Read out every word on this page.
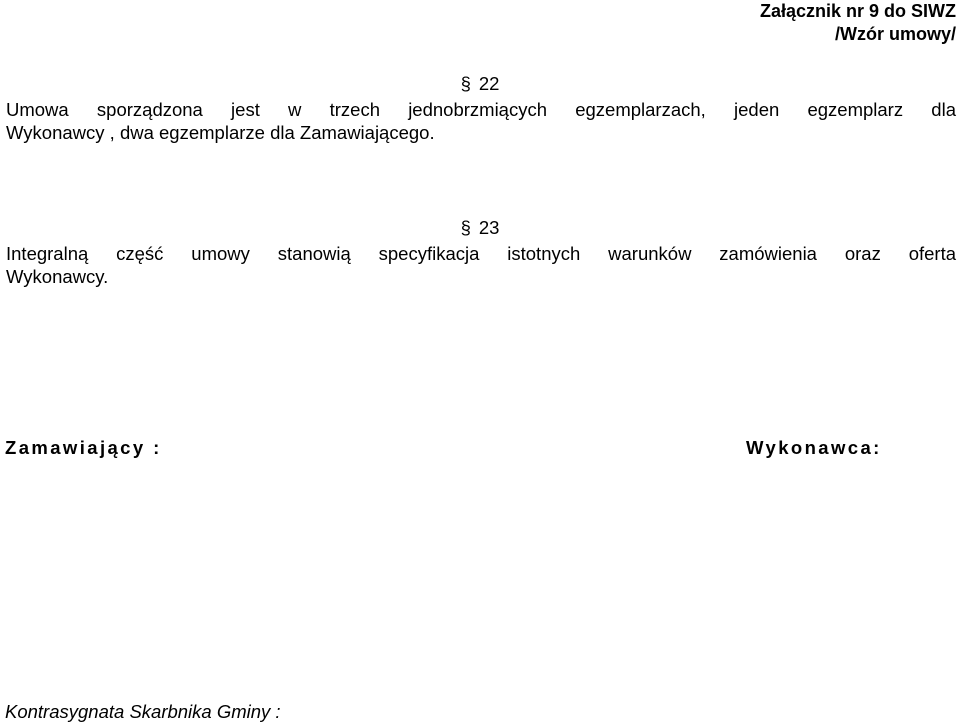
Załącznik nr 9 do SIWZ
/Wzór umowy/
§ 22
Umowa sporządzona jest w trzech jednobrzmiących egzemplarzach, jeden egzemplarz dla
Wykonawcy , dwa egzemplarze dla Zamawiającego.
§ 23
Integralną część umowy stanowią specyfikacja istotnych warunków zamówienia oraz oferta
Wykonawcy.
Zamawiający :	Wykonawca:
Kontrasygnata Skarbnika Gminy :
